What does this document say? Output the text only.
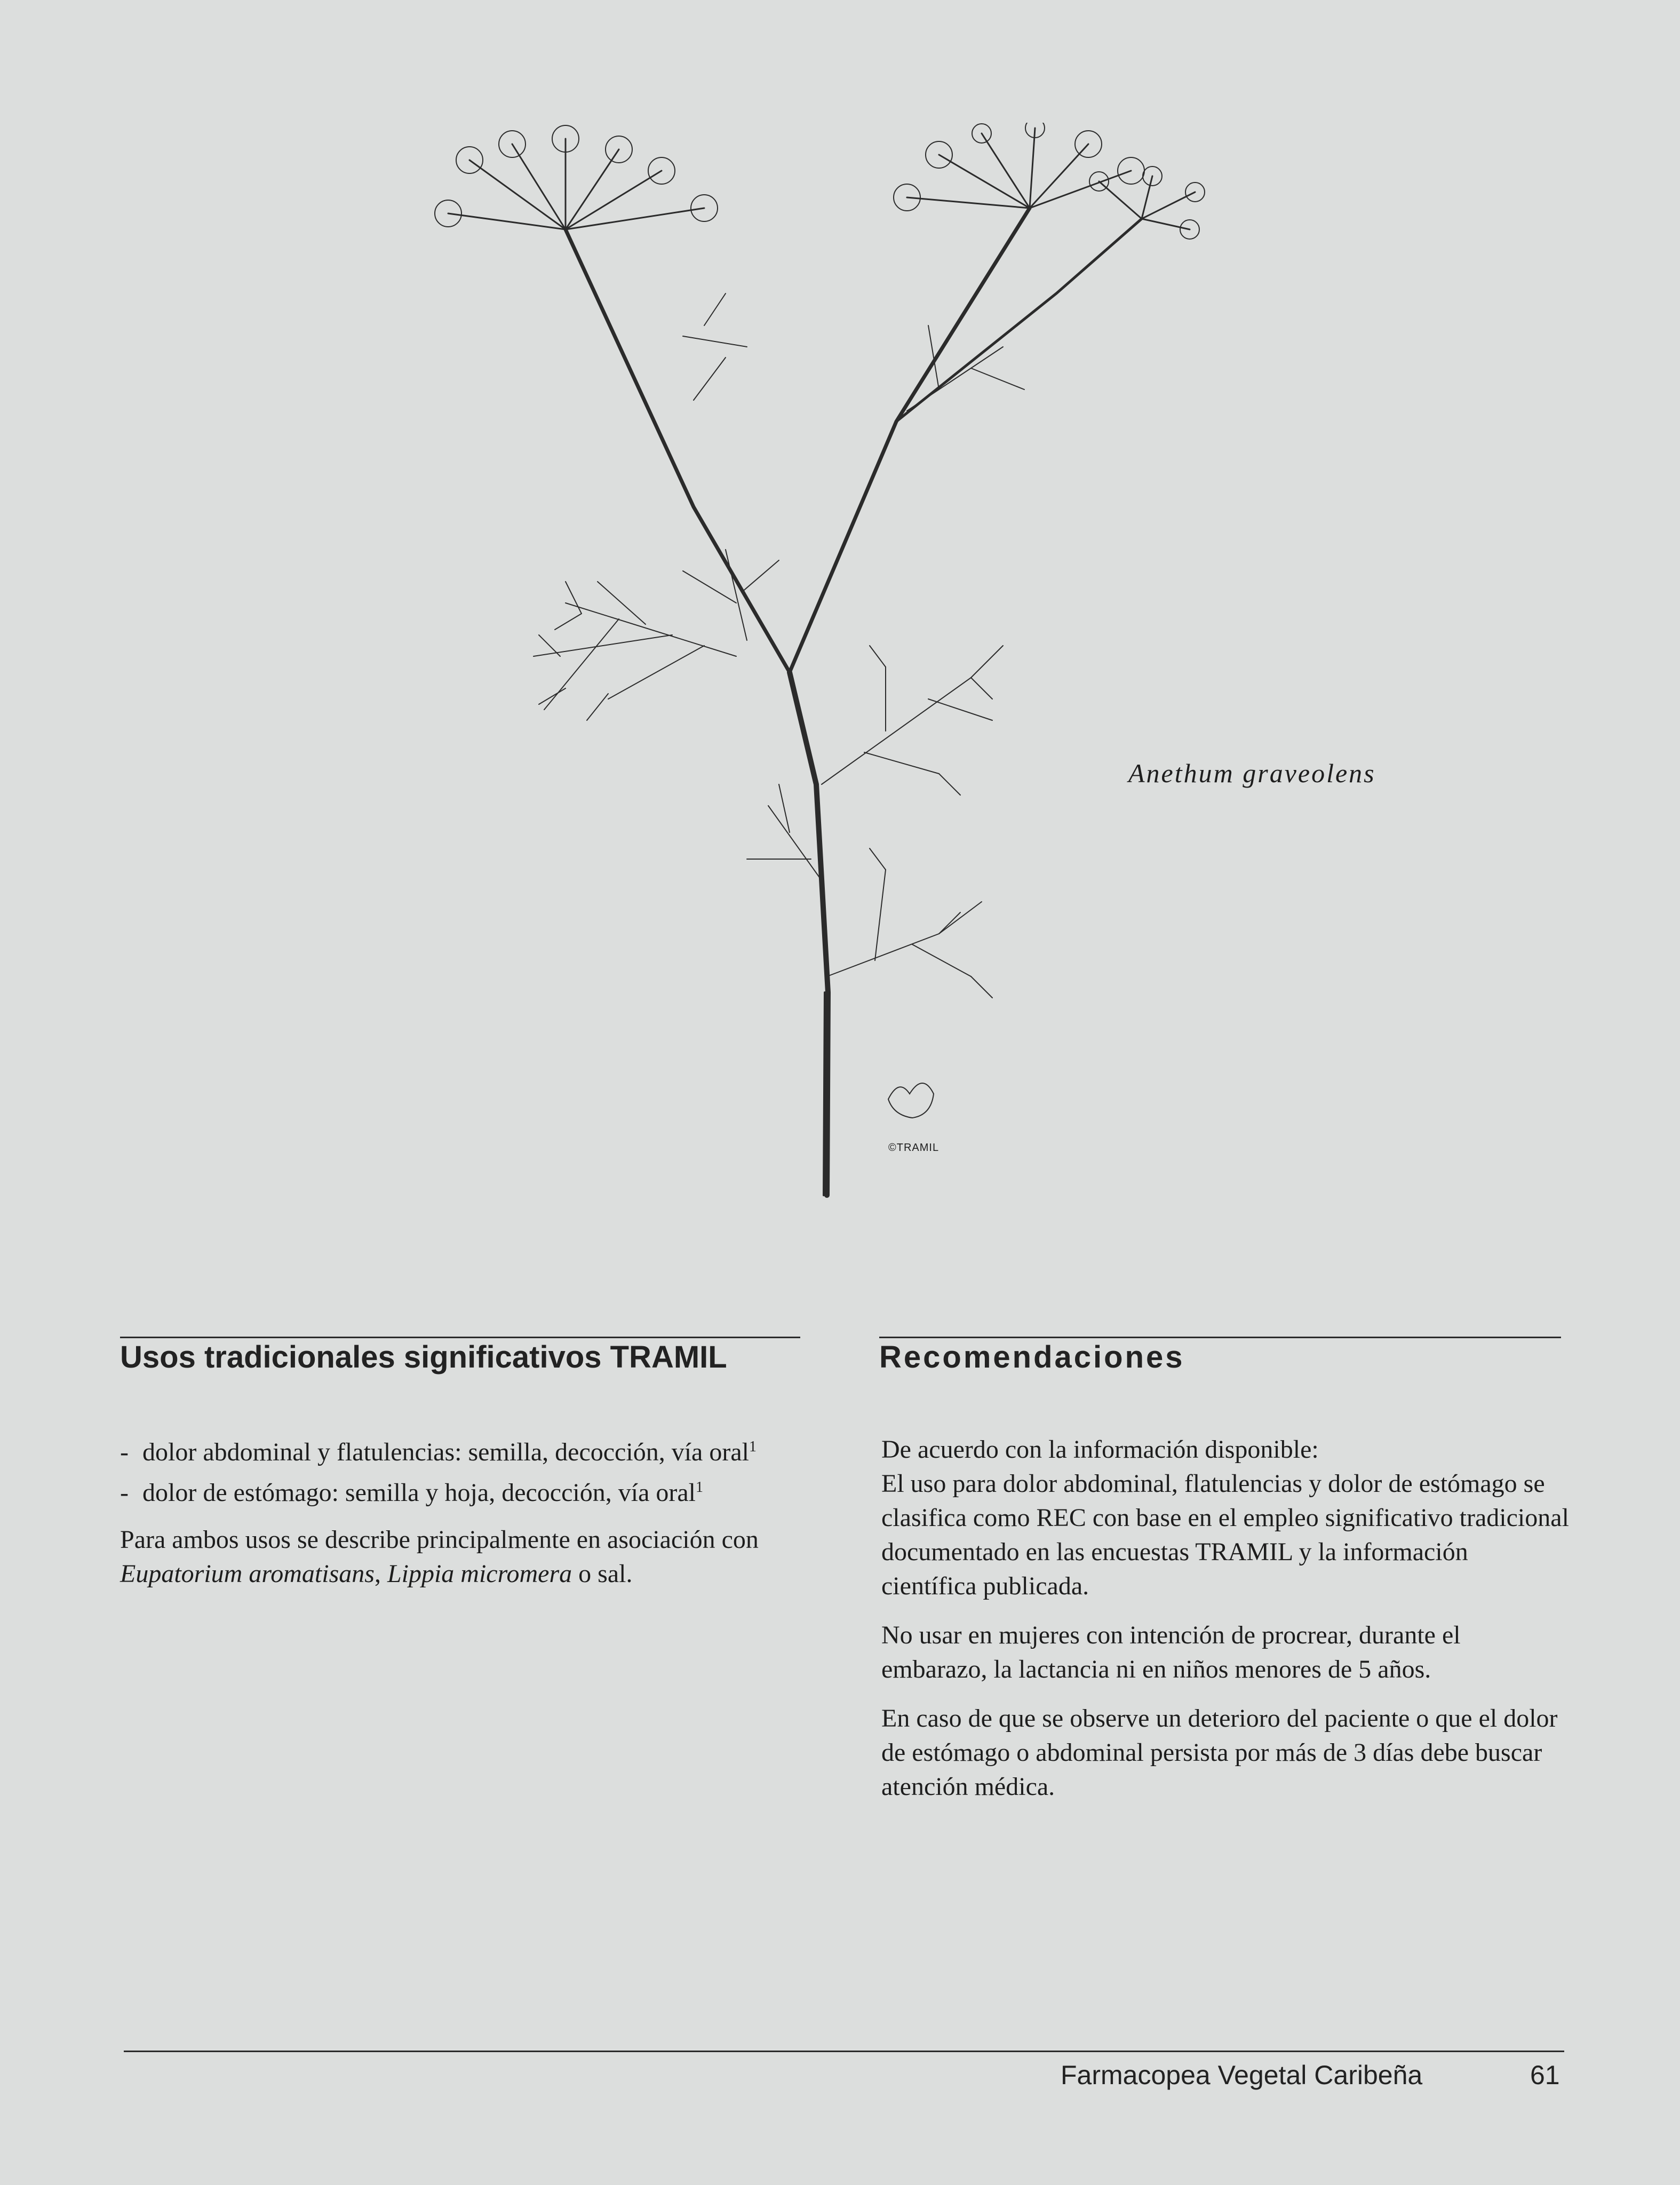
Anethum graveolens
©TRAMIL
Usos tradicionales significativos TRAMIL
- dolor abdominal y flatulencias: semilla, decocción, vía oral$^1$
- dolor de estómago: semilla y hoja, decocción, vía oral$^1$

Para ambos usos se describe principalmente en asociación con Eupatorium aromatisans, Lippia micromera o sal.

Recomendaciones

De acuerdo con la información disponible:
El uso para dolor abdominal, flatulencias y dolor de estómago se clasifica como REC con base en el empleo significativo tradicional documentado en las encuestas TRAMIL y la información científica publicada.

No usar en mujeres con intención de procrear, durante el embarazo, la lactancia ni en niños menores de 5 años.

En caso de que se observe un deterioro del paciente o que el dolor de estómago o abdominal persista por más de 3 días debe buscar atención médica.

Farmacopea Vegetal Caribeña	61
